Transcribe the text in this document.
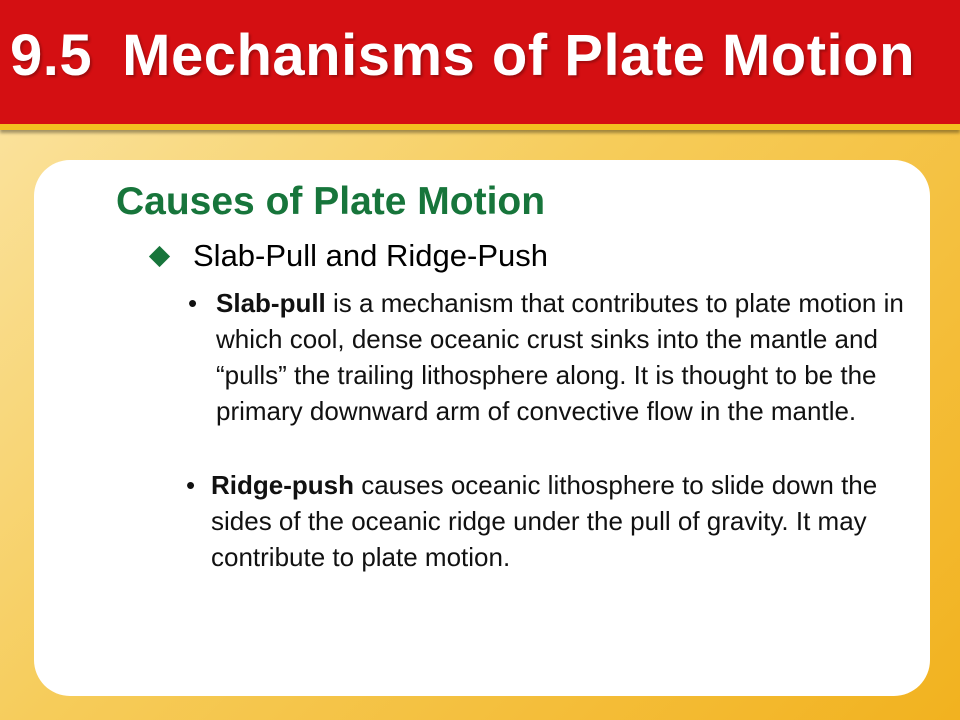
9.5 Mechanisms of Plate Motion
Causes of Plate Motion
Slab-Pull and Ridge-Push
• Slab-pull is a mechanism that contributes to plate motion in which cool, dense oceanic crust sinks into the mantle and “pulls” the trailing lithosphere along. It is thought to be the primary downward arm of convective flow in the mantle.

• Ridge-push causes oceanic lithosphere to slide down the sides of the oceanic ridge under the pull of gravity. It may contribute to plate motion.
